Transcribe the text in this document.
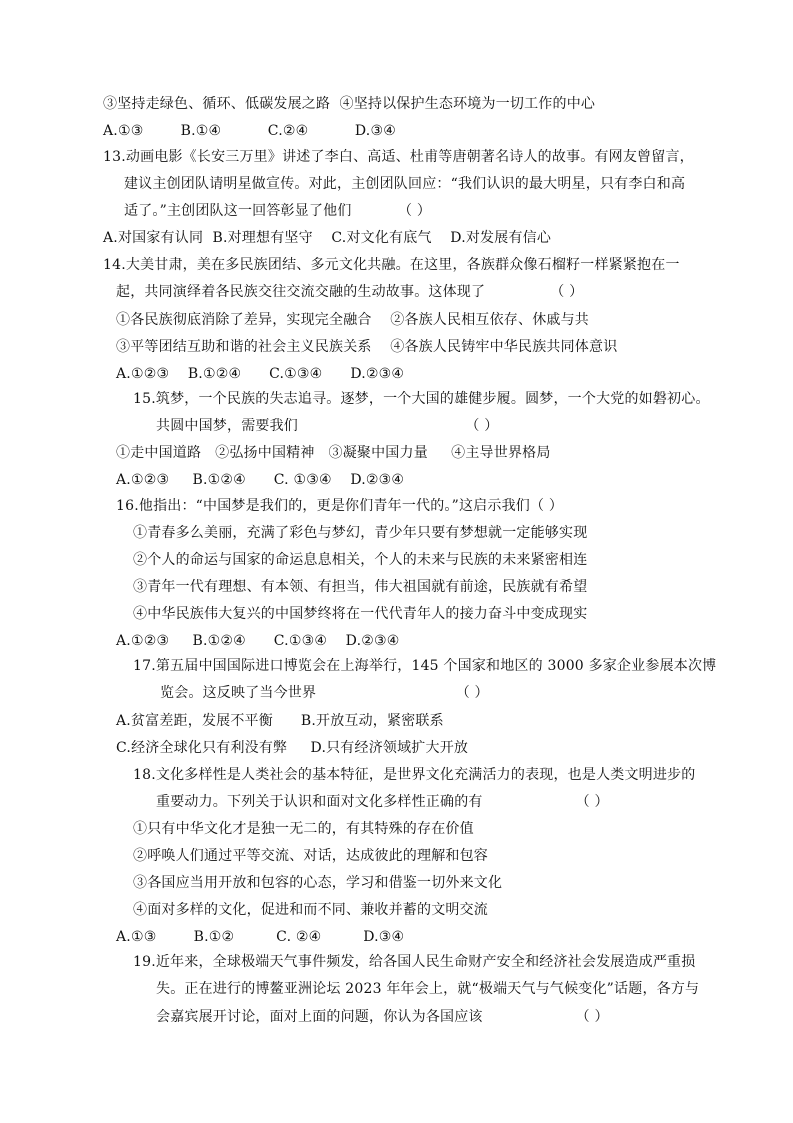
③坚持走绿色、循环、低碳发展之路  ④坚持以保护生态环境为一切工作的中心
A.①③        B.①④          C.②④          D.③④
13.动画电影《长安三万里》讲述了李白、高适、杜甫等唐朝著名诗人的故事。有网友曾留言，
建议主创团队请明星做宣传。对此，主创团队回应：“我们认识的最大明星，只有李白和高
适了。”主创团队这一回答彰显了他们          （ ）
A.对国家有认同  B.对理想有坚守    C.对文化有底气    D.对发展有信心
14.大美甘肃，美在多民族团结、多元文化共融。在这里，各族群众像石榴籽一样紧紧抱在一
起，共同演绎着各民族交往交流交融的生动故事。这体现了              （ ）
①各民族彻底消除了差异，实现完全融合    ②各族人民相互依存、休戚与共
③平等团结互助和谐的社会主义民族关系    ④各族人民铸牢中华民族共同体意识
A.①②③    B.①②④      C.①③④      D.②③④
15.筑梦，一个民族的失志追寻。逐梦，一个大国的雄健步履。圆梦，一个大党的如磐初心。
共圆中国梦，需要我们                                    （ ）
①走中国道路   ②弘扬中国精神   ③凝聚中国力量     ④主导世界格局
A.①②③     B.①②④      C. ①③④    D.②③④
16.他指出：“中国梦是我们的，更是你们青年一代的。”这启示我们（ ）
①青春多么美丽，充满了彩色与梦幻，青少年只要有梦想就一定能够实现
②个人的命运与国家的命运息息相关，个人的未来与民族的未来紧密相连
③青年一代有理想、有本领、有担当，伟大祖国就有前途，民族就有希望
④中华民族伟大复兴的中国梦终将在一代代青年人的接力奋斗中变成现实
A.①②③     B.①②④      C.①③④    D.②③④
17.第五届中国国际进口博览会在上海举行，145 个国家和地区的 3000 多家企业参展本次博
览会。这反映了当今世界                              （ ）
A.贫富差距，发展不平衡      B.开放互动，紧密联系
C.经济全球化只有利没有弊     D.只有经济领域扩大开放
18.文化多样性是人类社会的基本特征，是世界文化充满活力的表现，也是人类文明进步的
重要动力。下列关于认识和面对文化多样性正确的有                    （ ）
①只有中华文化才是独一无二的，有其特殊的存在价值
②呼唤人们通过平等交流、对话，达成彼此的理解和包容
③各国应当用开放和包容的心态，学习和借鉴一切外来文化
④面对多样的文化，促进和而不同、兼收并蓄的文明交流
A.①③        B.①②         C. ②④         D.③④
19.近年来，全球极端天气事件频发，给各国人民生命财产安全和经济社会发展造成严重损
失。正在进行的博鳌亚洲论坛 2023 年年会上，就“极端天气与气候变化”话题，各方与
会嘉宾展开讨论，面对上面的问题，你认为各国应该                    （ ）
